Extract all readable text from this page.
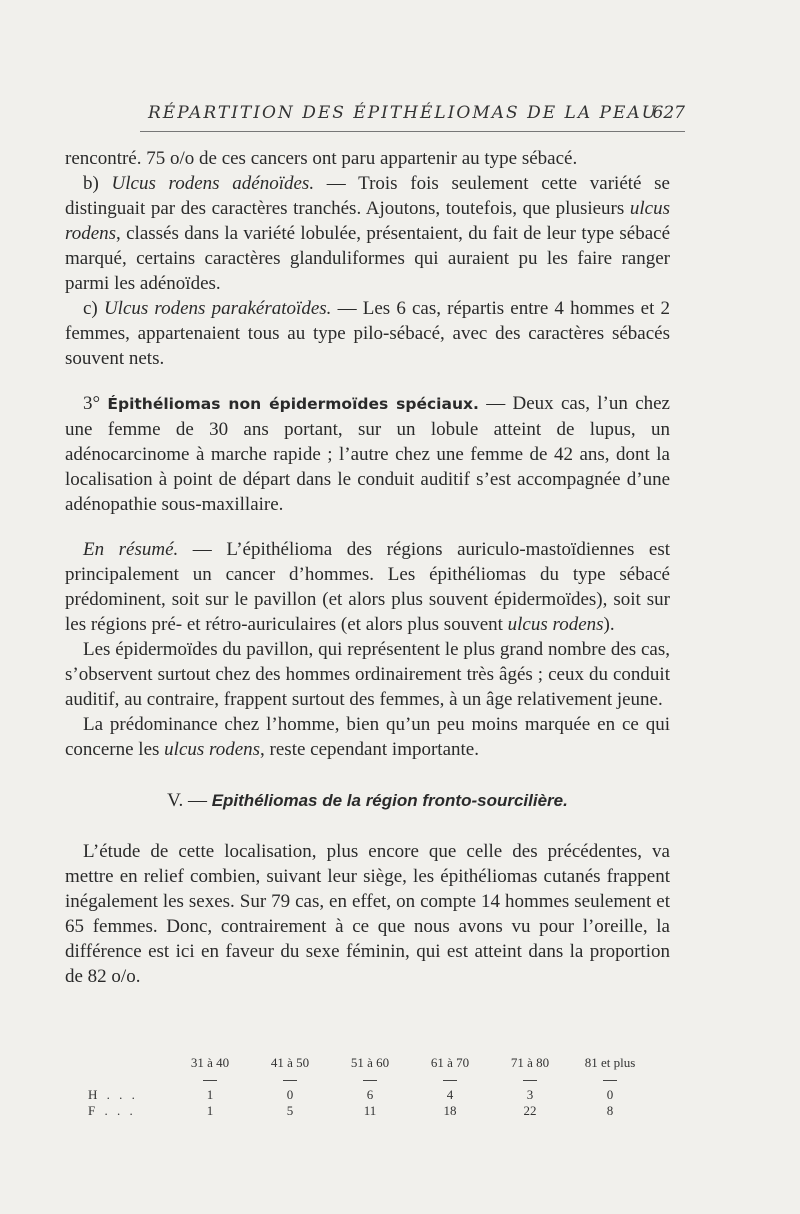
RÉPARTITION DES ÉPITHÉLIOMAS DE LA PEAU
627

rencontré. 75 o/o de ces cancers ont paru appartenir au type sébacé.

b) Ulcus rodens adénoïdes. — Trois fois seulement cette variété se distinguait par des caractères tranchés. Ajoutons, toutefois, que plusieurs ulcus rodens, classés dans la variété lobulée, présentaient, du fait de leur type sébacé marqué, certains caractères glanduliformes qui auraient pu les faire ranger parmi les adénoïdes.

c) Ulcus rodens parakératoïdes. — Les 6 cas, répartis entre 4 hommes et 2 femmes, appartenaient tous au type pilo-sébacé, avec des caractères sébacés souvent nets.

3° Épithéliomas non épidermoïdes spéciaux. — Deux cas, l’un chez une femme de 30 ans portant, sur un lobule atteint de lupus, un adénocarcinome à marche rapide ; l’autre chez une femme de 42 ans, dont la localisation à point de départ dans le conduit auditif s’est accompagnée d’une adénopathie sous-maxillaire.

En résumé. — L’épithélioma des régions auriculo-mastoïdiennes est principalement un cancer d’hommes. Les épithéliomas du type sébacé prédominent, soit sur le pavillon (et alors plus souvent épidermoïdes), soit sur les régions pré- et rétro-auriculaires (et alors plus souvent ulcus rodens).

Les épidermoïdes du pavillon, qui représentent le plus grand nombre des cas, s’observent surtout chez des hommes ordinairement très âgés ; ceux du conduit auditif, au contraire, frappent surtout des femmes, à un âge relativement jeune.

La prédominance chez l’homme, bien qu’un peu moins marquée en ce qui concerne les ulcus rodens, reste cependant importante.

V. — Epithéliomas de la région fronto-sourcilière.

L’étude de cette localisation, plus encore que celle des précédentes, va mettre en relief combien, suivant leur siège, les épithéliomas cutanés frappent inégalement les sexes. Sur 79 cas, en effet, on compte 14 hommes seulement et 65 femmes. Donc, contrairement à ce que nous avons vu pour l’oreille, la différence est ici en faveur du sexe féminin, qui est atteint dans la proportion de 82 o/o.

	31 à 40	41 à 50	51 à 60	61 à 70	71 à 80	81 et plus

H . . .	1	0	6	4	3	0
F . . .	1	5	11	18	22	8
